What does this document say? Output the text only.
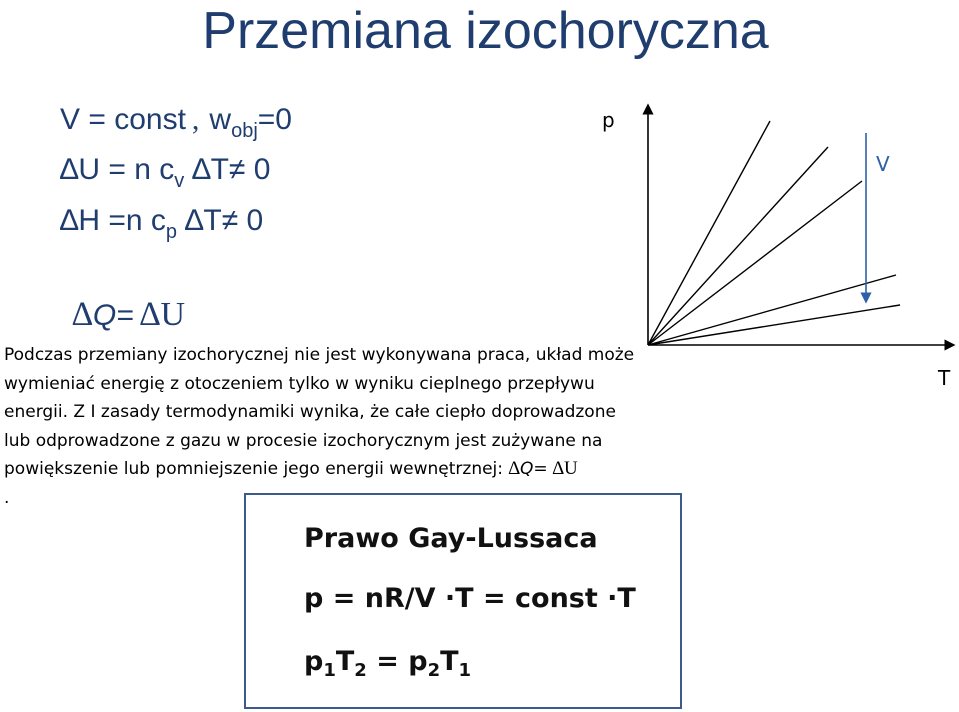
Przemiana izochoryczna
V = const , $w_{obj}=0$
∆U = n $c_v$ ∆T≠ 0
∆H =n $c_p$ ∆T≠ 0
∆Q= ∆U
Podczas przemiany izochorycznej nie jest wykonywana praca, układ może
wymieniać energię z otoczeniem tylko w wyniku cieplnego przepływu
energii. Z I zasady termodynamiki wynika, że całe ciepło doprowadzone
lub odprowadzone z gazu w procesie izochorycznym jest zużywane na
powiększenie lub pomniejszenie jego energii wewnętrznej: ∆Q= ∆U
.
p
T
V
Prawo Gay-Lussaca
p = nR/V ·T = const ·T
$p_1T_2 = p_2T_1$
